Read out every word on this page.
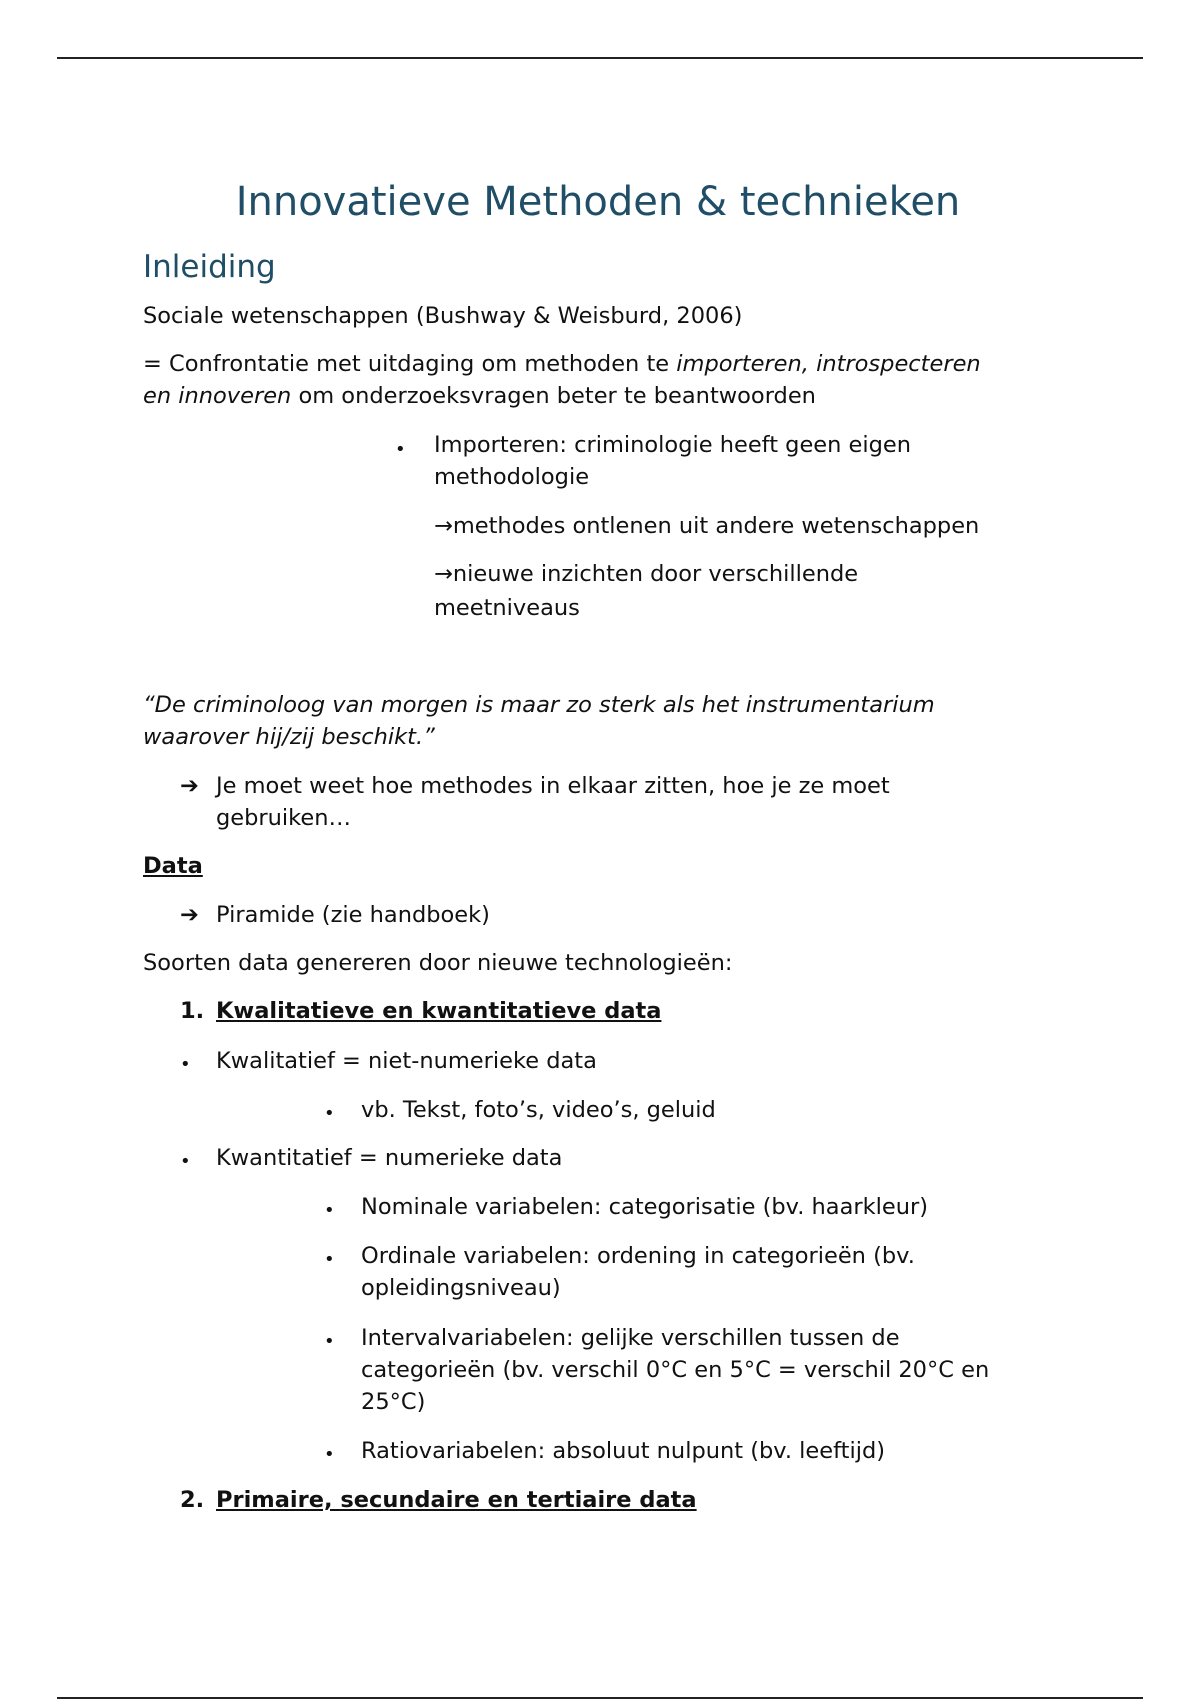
Innovatieve Methoden & technieken
Inleiding

Sociale wetenschappen (Bushway & Weisburd, 2006)

= Confrontatie met uitdaging om methoden te importeren, introspecteren

en innoveren om onderzoeksvragen beter te beantwoorden

• Importeren: criminologie heeft geen eigen

methodologie

→methodes ontlenen uit andere wetenschappen

→nieuwe inzichten door verschillende

meetniveaus

“De criminoloog van morgen is maar zo sterk als het instrumentarium

waarover hij/zij beschikt.”

➔ Je moet weet hoe methodes in elkaar zitten, hoe je ze moet

gebruiken…

Data

➔ Piramide (zie handboek)

Soorten data genereren door nieuwe technologieën:

1. Kwalitatieve en kwantitatieve data

• Kwalitatief = niet-numerieke data

• vb. Tekst, foto’s, video’s, geluid

• Kwantitatief = numerieke data

• Nominale variabelen: categorisatie (bv. haarkleur)

• Ordinale variabelen: ordening in categorieën (bv.

opleidingsniveau)

• Intervalvariabelen: gelijke verschillen tussen de

categorieën (bv. verschil 0°C en 5°C = verschil 20°C en

25°C)

• Ratiovariabelen: absoluut nulpunt (bv. leeftijd)

2. Primaire, secundaire en tertiaire data
